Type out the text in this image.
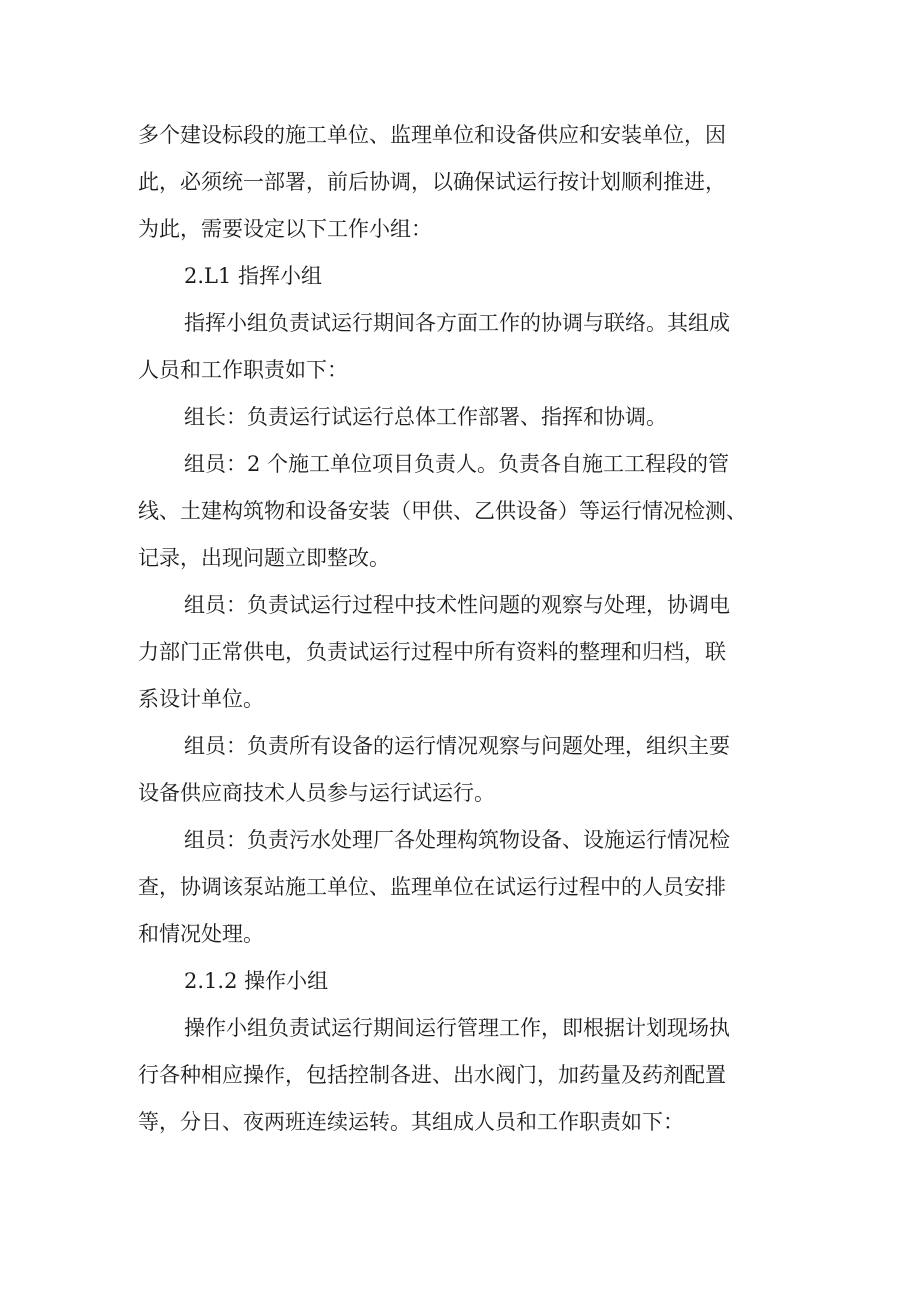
多个建设标段的施工单位、监理单位和设备供应和安装单位，因
此，必须统一部署，前后协调，以确保试运行按计划顺利推进，
为此，需要设定以下工作小组：
2.L1 指挥小组
指挥小组负责试运行期间各方面工作的协调与联络。其组成
人员和工作职责如下：
组长：负责运行试运行总体工作部署、指挥和协调。
组员：2 个施工单位项目负责人。负责各自施工工程段的管
线、土建构筑物和设备安装（甲供、乙供设备）等运行情况检测、
记录，出现问题立即整改。
组员：负责试运行过程中技术性问题的观察与处理，协调电
力部门正常供电，负责试运行过程中所有资料的整理和归档，联
系设计单位。
组员：负责所有设备的运行情况观察与问题处理，组织主要
设备供应商技术人员参与运行试运行。
组员：负责污水处理厂各处理构筑物设备、设施运行情况检
查，协调该泵站施工单位、监理单位在试运行过程中的人员安排
和情况处理。
2.1.2 操作小组
操作小组负责试运行期间运行管理工作，即根据计划现场执
行各种相应操作，包括控制各进、出水阀门，加药量及药剂配置
等，分日、夜两班连续运转。其组成人员和工作职责如下：
